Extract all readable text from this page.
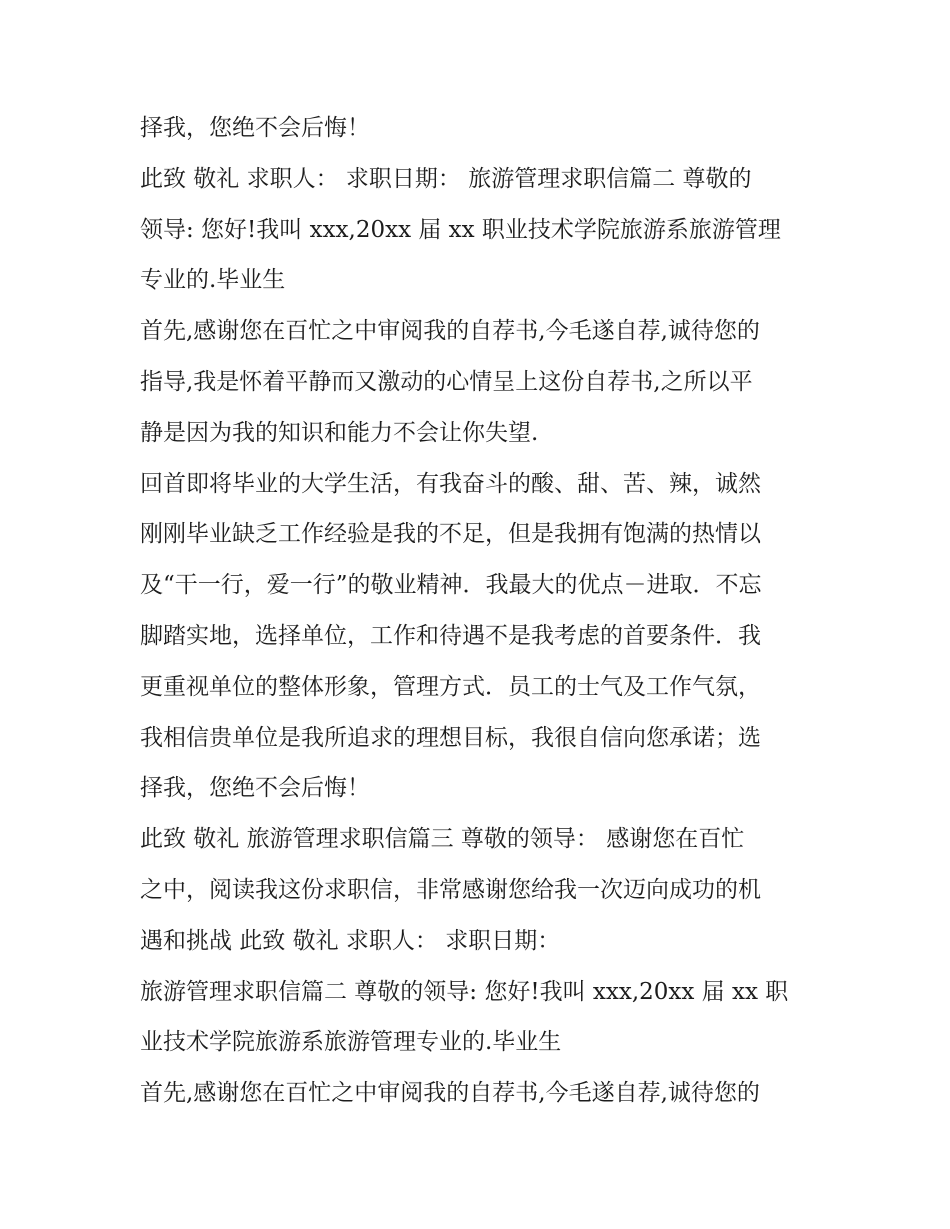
择我，您绝不会后悔！
此致 敬礼 求职人： 求职日期： 旅游管理求职信篇二 尊敬的
领导: 您好!我叫 xxx,20xx 届 xx 职业技术学院旅游系旅游管理
专业的.毕业生
首先,感谢您在百忙之中审阅我的自荐书,今毛遂自荐,诚待您的
指导,我是怀着平静而又激动的心情呈上这份自荐书,之所以平
静是因为我的知识和能力不会让你失望.
回首即将毕业的大学生活，有我奋斗的酸、甜、苦、辣，诚然
刚刚毕业缺乏工作经验是我的不足，但是我拥有饱满的热情以
及“干一行，爱一行”的敬业精神．我最大的优点－进取．不忘
脚踏实地，选择单位，工作和待遇不是我考虑的首要条件．我
更重视单位的整体形象，管理方式．员工的士气及工作气氛，
我相信贵单位是我所追求的理想目标，我很自信向您承诺；选
择我，您绝不会后悔！
此致 敬礼 旅游管理求职信篇三 尊敬的领导： 感谢您在百忙
之中，阅读我这份求职信，非常感谢您给我一次迈向成功的机
遇和挑战 此致 敬礼 求职人： 求职日期：
旅游管理求职信篇二 尊敬的领导: 您好!我叫 xxx,20xx 届 xx 职
业技术学院旅游系旅游管理专业的.毕业生
首先,感谢您在百忙之中审阅我的自荐书,今毛遂自荐,诚待您的
